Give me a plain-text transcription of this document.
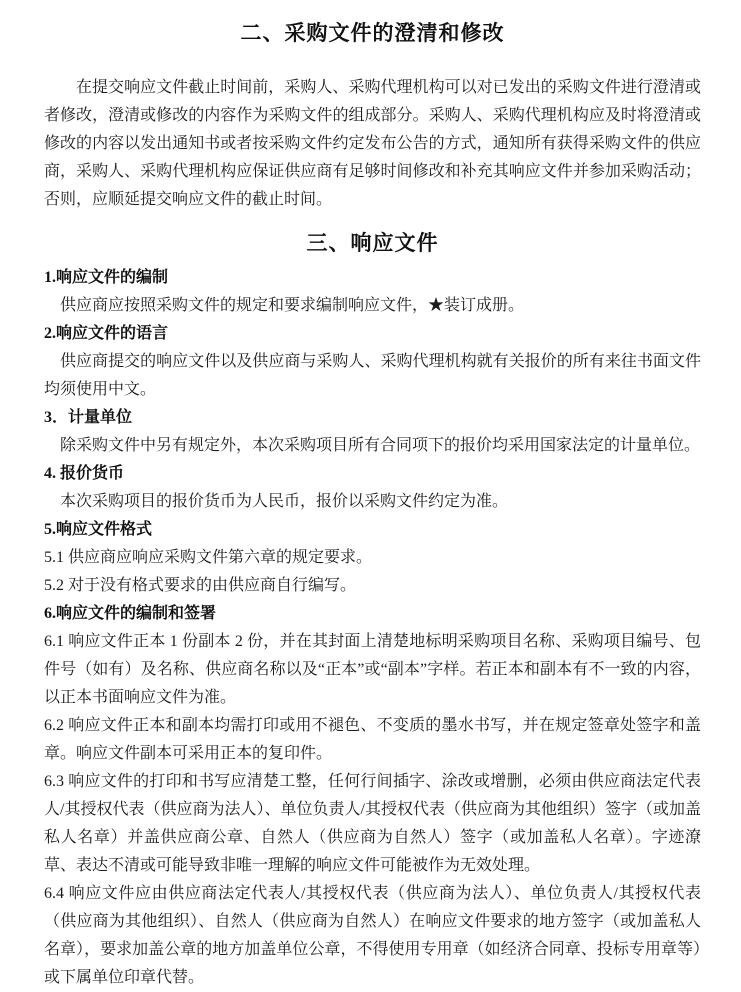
二、采购文件的澄清和修改

在提交响应文件截止时间前，采购人、采购代理机构可以对已发出的采购文件进行澄清或者修改，澄清或修改的内容作为采购文件的组成部分。采购人、采购代理机构应及时将澄清或修改的内容以发出通知书或者按采购文件约定发布公告的方式，通知所有获得采购文件的供应商，采购人、采购代理机构应保证供应商有足够时间修改和补充其响应文件并参加采购活动；否则，应顺延提交响应文件的截止时间。

三、响应文件
1.响应文件的编制

供应商应按照采购文件的规定和要求编制响应文件，★装订成册。

2.响应文件的语言

供应商提交的响应文件以及供应商与采购人、采购代理机构就有关报价的所有来往书面文件均须使用中文。

3．计量单位

除采购文件中另有规定外，本次采购项目所有合同项下的报价均采用国家法定的计量单位。

4. 报价货币

本次采购项目的报价货币为人民币，报价以采购文件约定为准。

5.响应文件格式

5.1 供应商应响应采购文件第六章的规定要求。

5.2 对于没有格式要求的由供应商自行编写。

6.响应文件的编制和签署

6.1 响应文件正本 1 份副本 2 份，并在其封面上清楚地标明采购项目名称、采购项目编号、包件号（如有）及名称、供应商名称以及“正本”或“副本”字样。若正本和副本有不一致的内容，以正本书面响应文件为准。

6.2 响应文件正本和副本均需打印或用不褪色、不变质的墨水书写，并在规定签章处签字和盖章。响应文件副本可采用正本的复印件。

6.3 响应文件的打印和书写应清楚工整，任何行间插字、涂改或增删，必须由供应商法定代表人/其授权代表（供应商为法人）、单位负责人/其授权代表（供应商为其他组织）签字（或加盖私人名章）并盖供应商公章、自然人（供应商为自然人）签字（或加盖私人名章）。字迹潦草、表达不清或可能导致非唯一理解的响应文件可能被作为无效处理。

6.4 响应文件应由供应商法定代表人/其授权代表（供应商为法人）、单位负责人/其授权代表（供应商为其他组织）、自然人（供应商为自然人）在响应文件要求的地方签字（或加盖私人名章），要求加盖公章的地方加盖单位公章，不得使用专用章（如经济合同章、投标专用章等）或下属单位印章代替。
